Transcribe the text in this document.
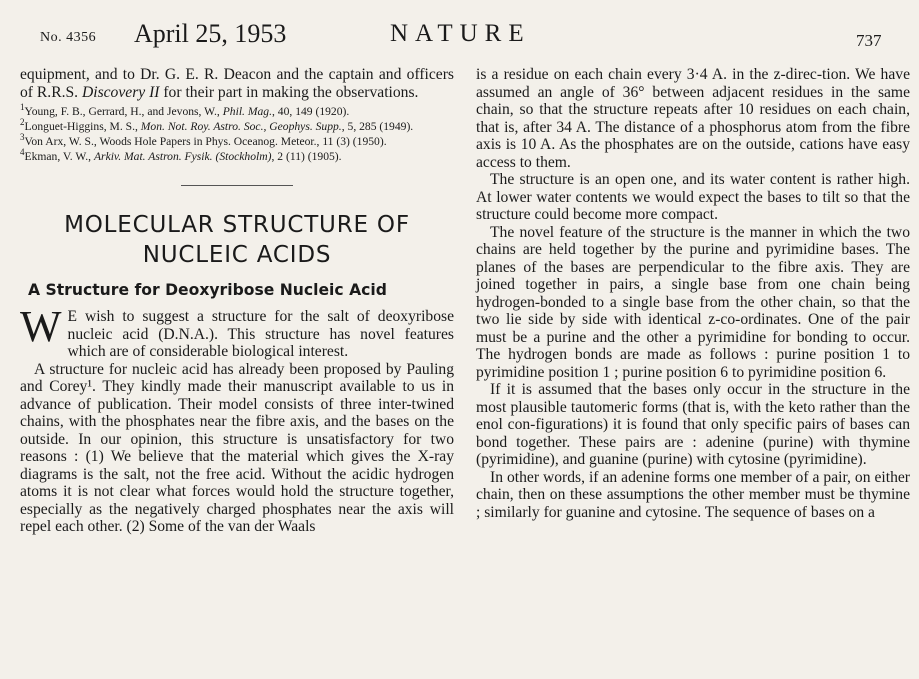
No. 4356 April 25, 1953	NATURE	737

equipment, and to Dr. G. E. R. Deacon and the captain and officers of R.R.S. Discovery II for their part in making the observations.

$^1$Young, F. B., Gerrard, H., and Jevons, W., Phil. Mag., 40, 149 (1920).

$^2$Longuet-Higgins, M. S., Mon. Not. Roy. Astro. Soc., Geophys. Supp., 5, 285 (1949).

$^3$Von Arx, W. S., Woods Hole Papers in Phys. Oceanog. Meteor., 11 (3) (1950).

$^4$Ekman, V. W., Arkiv. Mat. Astron. Fysik. (Stockholm), 2 (11) (1905).

MOLECULAR STRUCTURE OF NUCLEIC ACIDS
A Structure for Deoxyribose Nucleic Acid

W E wish to suggest a structure for the salt of deoxyribose nucleic acid (D.N.A.). This structure has novel features which are of considerable biological interest.

A structure for nucleic acid has already been proposed by Pauling and Corey¹. They kindly made their manuscript available to us in advance of publication. Their model consists of three inter-twined chains, with the phosphates near the fibre axis, and the bases on the outside. In our opinion, this structure is unsatisfactory for two reasons : (1) We believe that the material which gives the X-ray diagrams is the salt, not the free acid. Without the acidic hydrogen atoms it is not clear what forces would hold the structure together, especially as the negatively charged phosphates near the axis will repel each other. (2) Some of the van der Waals

is a residue on each chain every 3·4 A. in the z-direc-tion. We have assumed an angle of 36° between adjacent residues in the same chain, so that the structure repeats after 10 residues on each chain, that is, after 34 A. The distance of a phosphorus atom from the fibre axis is 10 A. As the phosphates are on the outside, cations have easy access to them.

The structure is an open one, and its water content is rather high. At lower water contents we would expect the bases to tilt so that the structure could become more compact.

The novel feature of the structure is the manner in which the two chains are held together by the purine and pyrimidine bases. The planes of the bases are perpendicular to the fibre axis. They are joined together in pairs, a single base from one chain being hydrogen-bonded to a single base from the other chain, so that the two lie side by side with identical z-co-ordinates. One of the pair must be a purine and the other a pyrimidine for bonding to occur. The hydrogen bonds are made as follows : purine position 1 to pyrimidine position 1 ; purine position 6 to pyrimidine position 6.

If it is assumed that the bases only occur in the structure in the most plausible tautomeric forms (that is, with the keto rather than the enol con-figurations) it is found that only specific pairs of bases can bond together. These pairs are : adenine (purine) with thymine (pyrimidine), and guanine (purine) with cytosine (pyrimidine).

In other words, if an adenine forms one member of a pair, on either chain, then on these assumptions the other member must be thymine ; similarly for guanine and cytosine. The sequence of bases on a
